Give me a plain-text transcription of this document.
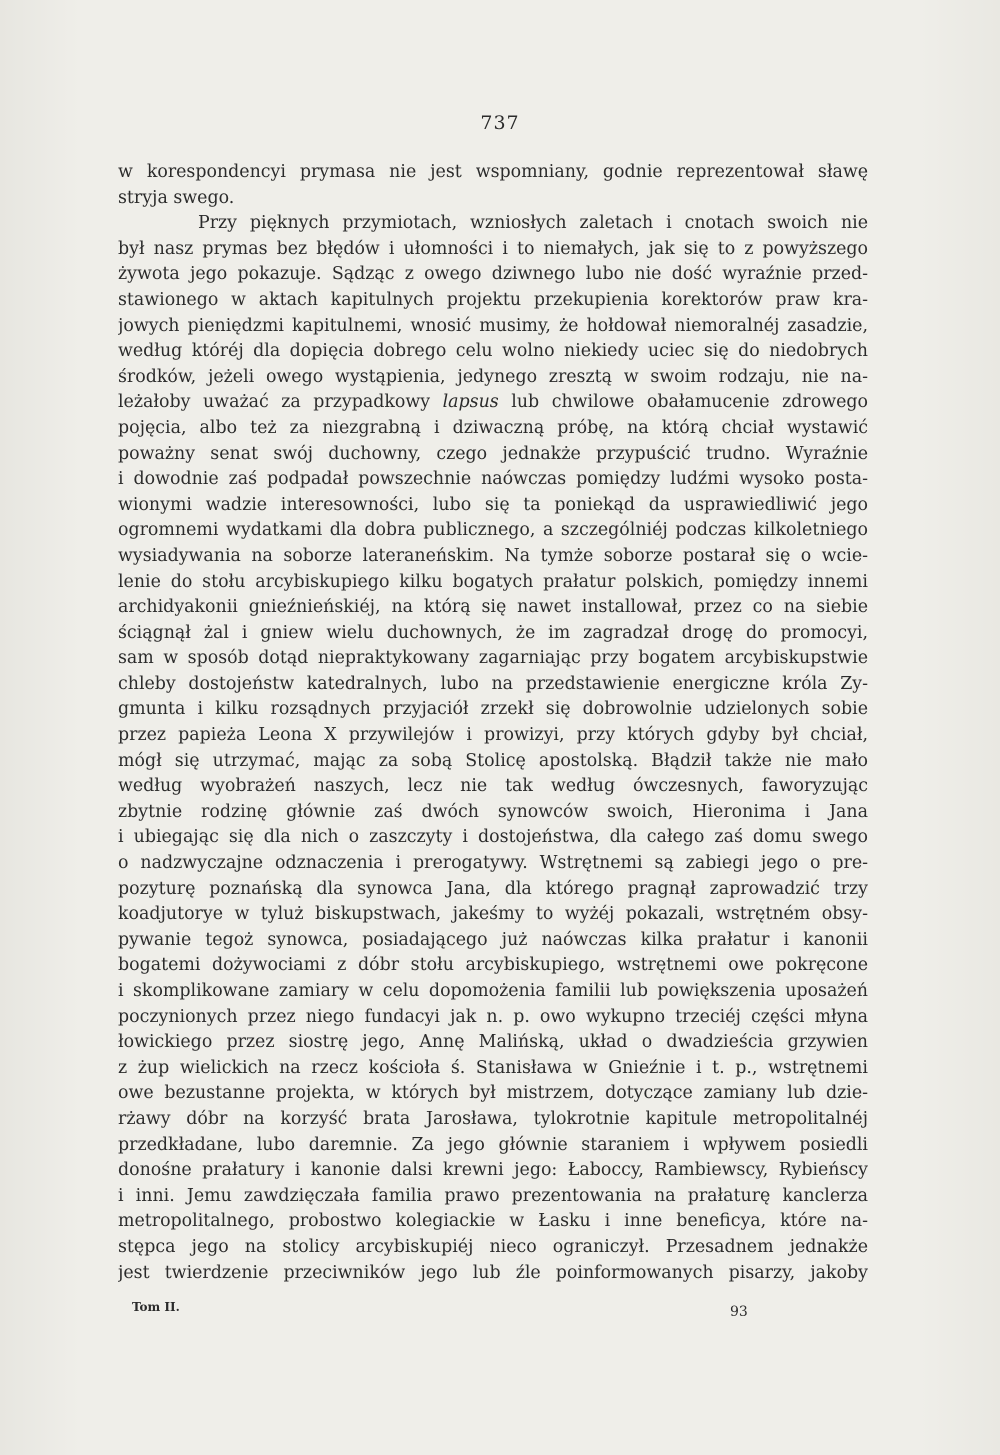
737
w korespondencyi prymasa nie jest wspomniany, godnie reprezentował sławę
stryja swego.
Przy pięknych przymiotach, wzniosłych zaletach i cnotach swoich nie
był nasz prymas bez błędów i ułomności i to niemałych, jak się to z powyższego
żywota jego pokazuje. Sądząc z owego dziwnego lubo nie dość wyraźnie przed-
stawionego w aktach kapitulnych projektu przekupienia korektorów praw kra-
jowych pieniędzmi kapitulnemi, wnosić musimy, że hołdował niemoralnéj zasadzie,
według któréj dla dopięcia dobrego celu wolno niekiedy uciec się do niedobrych
środków, jeżeli owego wystąpienia, jedynego zresztą w swoim rodzaju, nie na-
leżałoby uważać za przypadkowy lapsus lub chwilowe obałamucenie zdrowego
pojęcia, albo też za niezgrabną i dziwaczną próbę, na którą chciał wystawić
poważny senat swój duchowny, czego jednakże przypuścić trudno. Wyraźnie
i dowodnie zaś podpadał powszechnie naówczas pomiędzy ludźmi wysoko posta-
wionymi wadzie interesowności, lubo się ta poniekąd da usprawiedliwić jego
ogromnemi wydatkami dla dobra publicznego, a szczególniéj podczas kilkoletniego
wysiadywania na soborze lateraneńskim. Na tymże soborze postarał się o wcie-
lenie do stołu arcybiskupiego kilku bogatych prałatur polskich, pomiędzy innemi
archidyakonii gnieźnieńskiéj, na którą się nawet installował, przez co na siebie
ściągnął żal i gniew wielu duchownych, że im zagradzał drogę do promocyi,
sam w sposób dotąd niepraktykowany zagarniając przy bogatem arcybiskupstwie
chleby dostojeństw katedralnych, lubo na przedstawienie energiczne króla Zy-
gmunta i kilku rozsądnych przyjaciół zrzekł się dobrowolnie udzielonych sobie
przez papieża Leona X przywilejów i prowizyi, przy których gdyby był chciał,
mógł się utrzymać, mając za sobą Stolicę apostolską. Błądził także nie mało
według wyobrażeń naszych, lecz nie tak według ówczesnych, faworyzując
zbytnie rodzinę głównie zaś dwóch synowców swoich, Hieronima i Jana
i ubiegając się dla nich o zaszczyty i dostojeństwa, dla całego zaś domu swego
o nadzwyczajne odznaczenia i prerogatywy. Wstrętnemi są zabiegi jego o pre-
pozyturę poznańską dla synowca Jana, dla którego pragnął zaprowadzić trzy
koadjutorye w tyluż biskupstwach, jakeśmy to wyżéj pokazali, wstrętném obsy-
pywanie tegoż synowca, posiadającego już naówczas kilka prałatur i kanonii
bogatemi dożywociami z dóbr stołu arcybiskupiego, wstrętnemi owe pokręcone
i skomplikowane zamiary w celu dopomożenia familii lub powiększenia uposażeń
poczynionych przez niego fundacyi jak n. p. owo wykupno trzeciéj części młyna
łowickiego przez siostrę jego, Annę Malińską, układ o dwadzieścia grzywien
z żup wielickich na rzecz kościoła ś. Stanisława w Gnieźnie i t. p., wstrętnemi
owe bezustanne projekta, w których był mistrzem, dotyczące zamiany lub dzie-
rżawy dóbr na korzyść brata Jarosława, tylokrotnie kapitule metropolitalnéj
przedkładane, lubo daremnie. Za jego głównie staraniem i wpływem posiedli
donośne prałatury i kanonie dalsi krewni jego: Łaboccy, Rambiewscy, Rybieńscy
i inni. Jemu zawdzięczała familia prawo prezentowania na prałaturę kanclerza
metropolitalnego, probostwo kolegiackie w Łasku i inne beneficya, które na-
stępca jego na stolicy arcybiskupiéj nieco ograniczył. Przesadnem jednakże
jest twierdzenie przeciwników jego lub źle poinformowanych pisarzy, jakoby
Tom II.	93
